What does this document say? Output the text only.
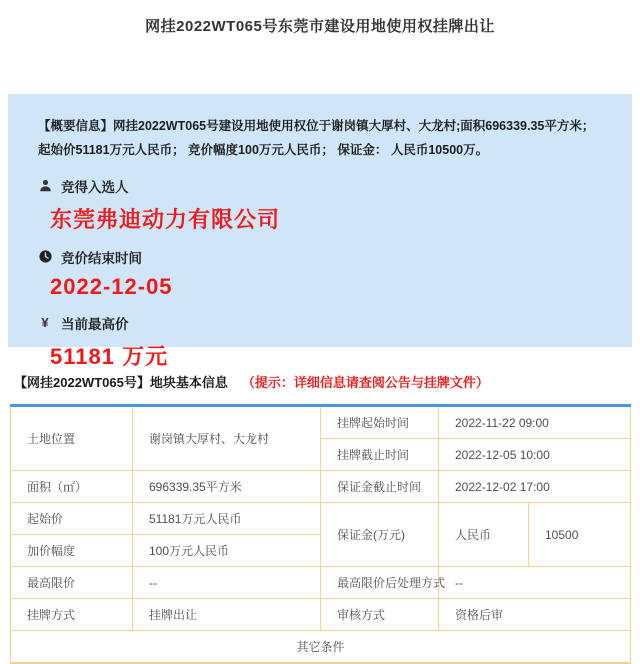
网挂2022WT065号东莞市建设用地使用权挂牌出让

【概要信息】网挂2022WT065号建设用地使用权位于谢岗镇大厚村、大龙村;面积696339.35平方米； 起始价51181万元人民币； 竞价幅度100万元人民币； 保证金： 人民币10500万。

竞得入选人
东莞弗迪动力有限公司
竞价结束时间
2022-12-05
¥ 当前最高价
51181 万元
【网挂2022WT065号】地块基本信息 （提示：详细信息请查阅公告与挂牌文件）
土地位置	谢岗镇大厚村、大龙村	挂牌起始时间	2022-11-22 09:00	
		挂牌截止时间	2022-12-05 10:00	
面积（㎡）	696339.35平方米	保证金截止时间	2022-12-02 17:00	
起始价	51181万元人民币	保证金(万元)	人民币	10500
加价幅度	100万元人民币			
最高限价	--	最高限价后处理方式	--	
挂牌方式	挂牌出让	审核方式	资格后审	
其它条件				
